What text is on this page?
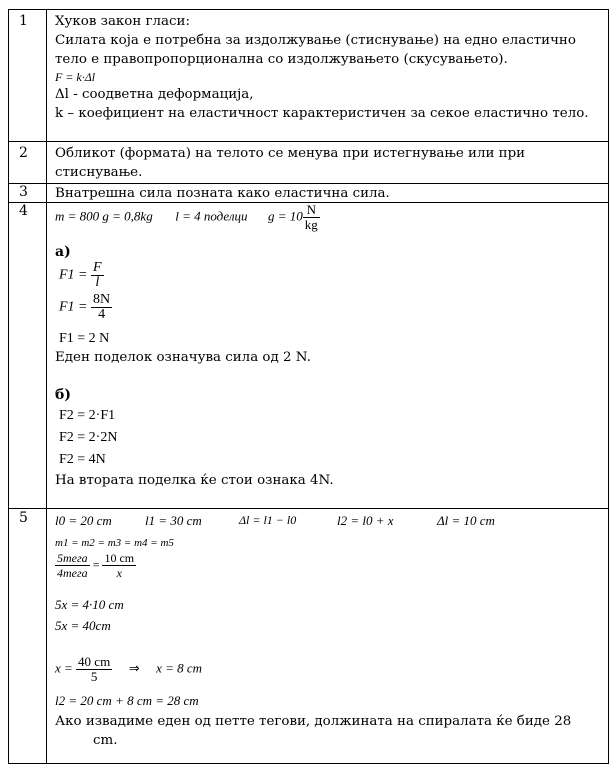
1	Хуков закон гласи:
Силата која е потребна за издолжување (стиснување) на едно еластично
тело е правопропорционална со издолжувањето (скусувањето).
F = k·Δl
Δl - соодветна деформација,
k – коефициент на еластичност карактеристичен за секое еластично тело.
2	Обликот (формата) на телото се менува при истегнување или при
стиснување.
3	Внатрешна сила позната како еластична сила.
4	m = 800 g = 0,8kg l = 4 поделци $g = 10 \frac{N}{kg}$
а)
$F1 = \frac{F}{l}$
$F1 = \frac{8N}{4}$
F1 = 2 N
Еден поделок означува сила од 2 N.
б)
F2 = 2·F1
F2 = 2·2N
F2 = 4N
На втората поделка ќе стои ознака 4N.
5	l0 = 20 cm	l1 = 30 cm	Δl = l1 − l0	l2 = l0 + x	Δl = 10 cm
m1 = m2 = m3 = m4 = m5
$\frac{\text{5тега}}{\text{4тега}} = \frac{10 cm}{x}$
5x = 4·10 cm
5x = 40cm
$x = \frac{40 cm}{5}$ ⇒ x = 8 cm
l2 = 20 cm + 8 cm = 28 cm
Ако извадиме еден од петте тегови, должината на спиралата ќе биде 28
cm.
